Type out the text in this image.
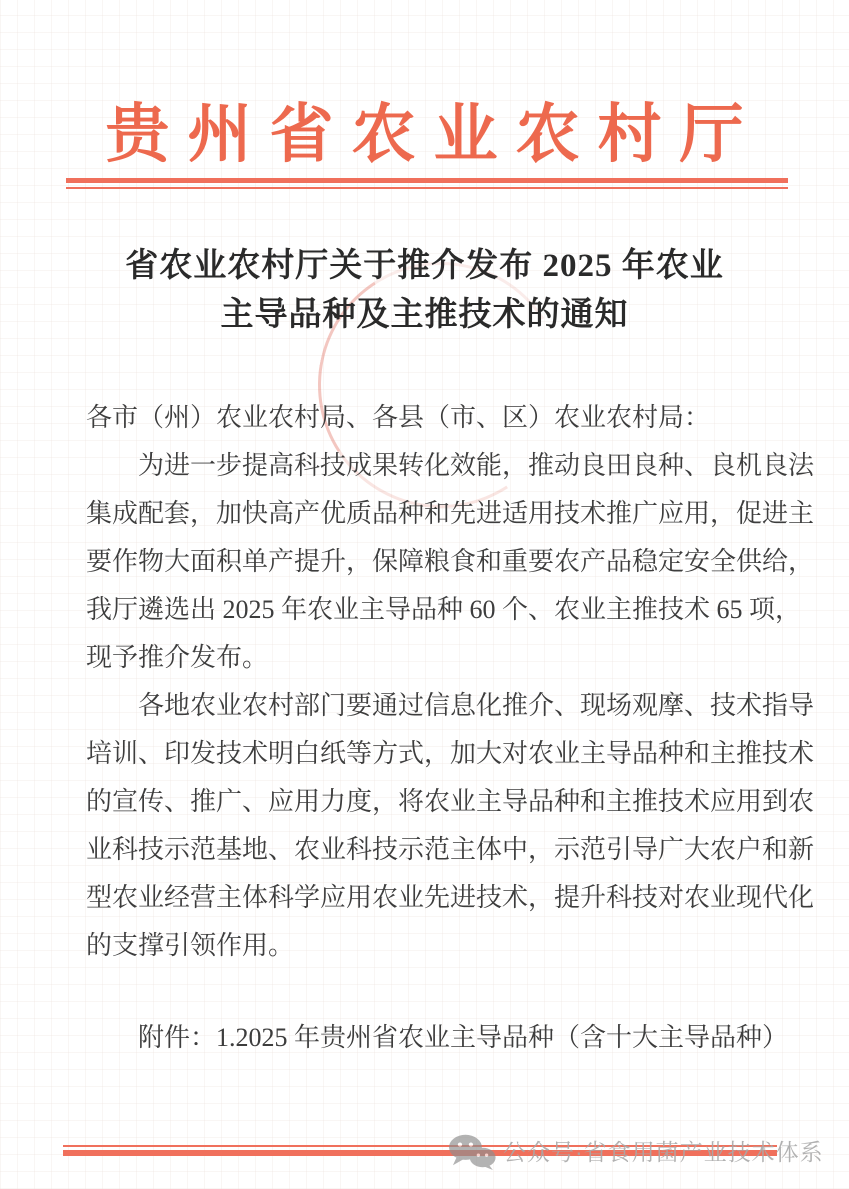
贵州省农业农村厅
省农业农村厅关于推介发布 2025 年农业
主导品种及主推技术的通知
各市（州）农业农村局、各县（市、区）农业农村局：
为进一步提高科技成果转化效能，推动良田良种、良机良法
集成配套，加快高产优质品种和先进适用技术推广应用，促进主
要作物大面积单产提升，保障粮食和重要农产品稳定安全供给，
我厅遴选出 2025 年农业主导品种 60 个、农业主推技术 65 项，
现予推介发布。
各地农业农村部门要通过信息化推介、现场观摩、技术指导
培训、印发技术明白纸等方式，加大对农业主导品种和主推技术
的宣传、推广、应用力度，将农业主导品种和主推技术应用到农
业科技示范基地、农业科技示范主体中，示范引导广大农户和新
型农业经营主体科学应用农业先进技术，提升科技对农业现代化
的支撑引领作用。
附件：1.2025 年贵州省农业主导品种（含十大主导品种）
公众号·省食用菌产业技术体系
